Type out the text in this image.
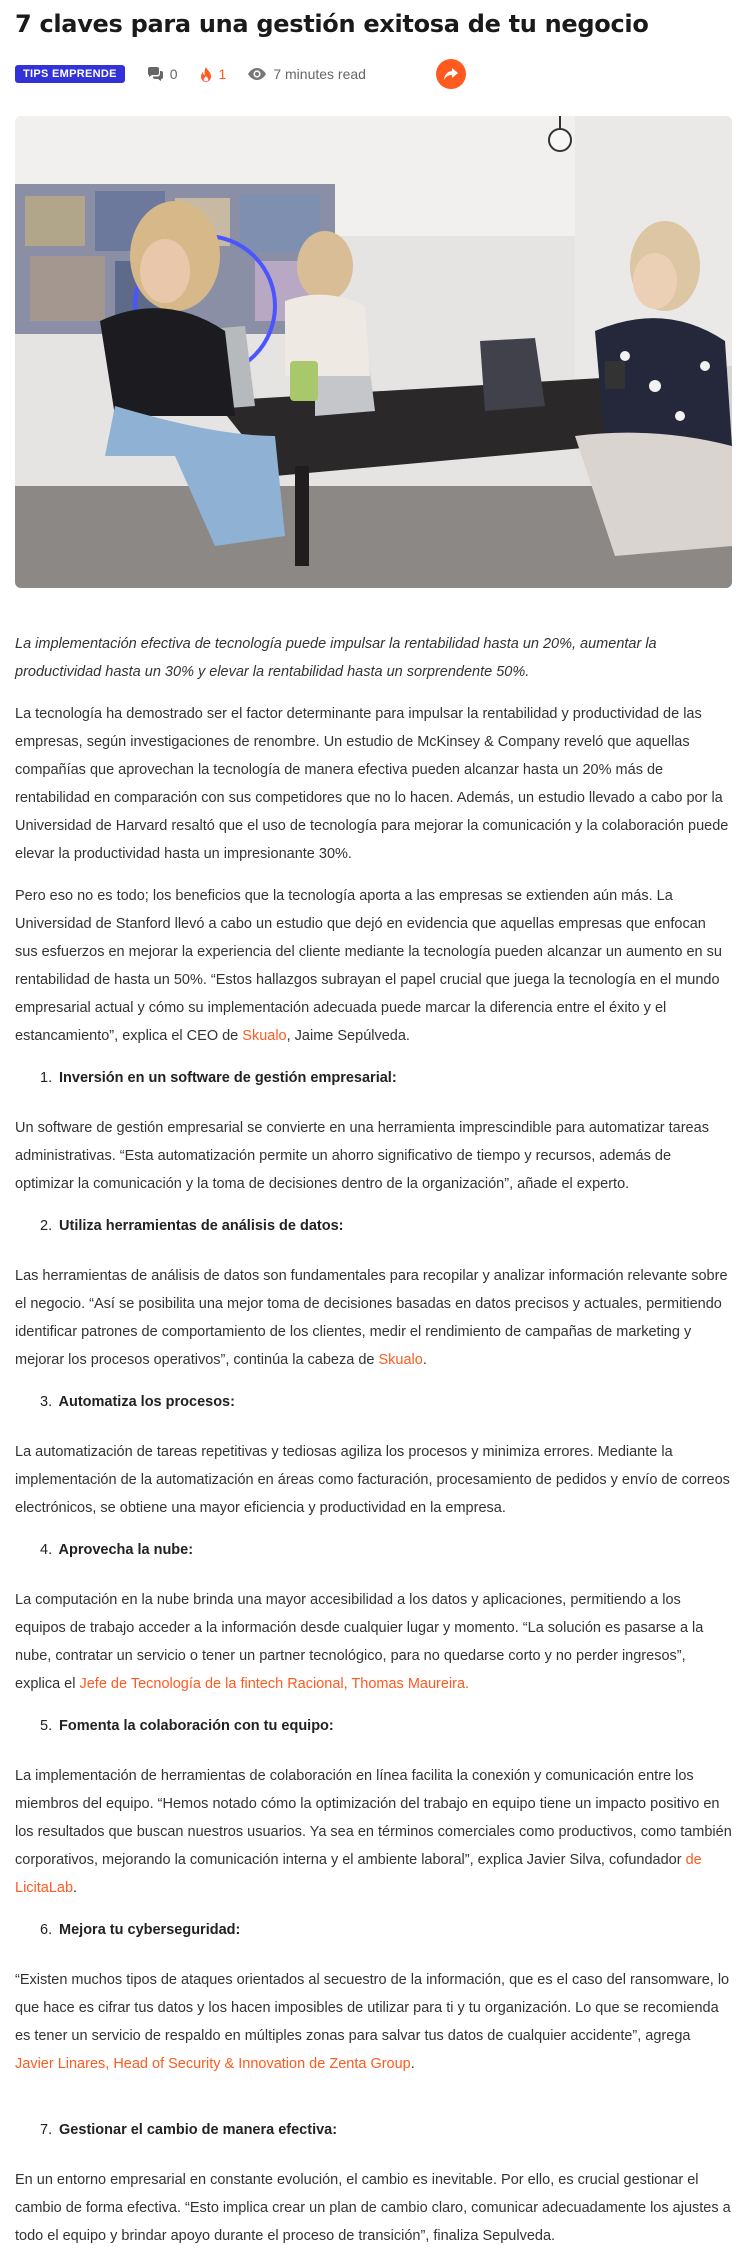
7 claves para una gestión exitosa de tu negocio
TIPS EMPRENDE	0	1	7 minutes read

La implementación efectiva de tecnología puede impulsar la rentabilidad hasta un 20%, aumentar la productividad hasta un 30% y elevar la rentabilidad hasta un sorprendente 50%.

La tecnología ha demostrado ser el factor determinante para impulsar la rentabilidad y productividad de las empresas, según investigaciones de renombre. Un estudio de McKinsey & Company reveló que aquellas compañías que aprovechan la tecnología de manera efectiva pueden alcanzar hasta un 20% más de rentabilidad en comparación con sus competidores que no lo hacen. Además, un estudio llevado a cabo por la Universidad de Harvard resaltó que el uso de tecnología para mejorar la comunicación y la colaboración puede elevar la productividad hasta un impresionante 30%.

Pero eso no es todo; los beneficios que la tecnología aporta a las empresas se extienden aún más. La Universidad de Stanford llevó a cabo un estudio que dejó en evidencia que aquellas empresas que enfocan sus esfuerzos en mejorar la experiencia del cliente mediante la tecnología pueden alcanzar un aumento en su rentabilidad de hasta un 50%. “Estos hallazgos subrayan el papel crucial que juega la tecnología en el mundo empresarial actual y cómo su implementación adecuada puede marcar la diferencia entre el éxito y el estancamiento”, explica el CEO de Skualo, Jaime Sepúlveda.

1. Inversión en un software de gestión empresarial:

Un software de gestión empresarial se convierte en una herramienta imprescindible para automatizar tareas administrativas. “Esta automatización permite un ahorro significativo de tiempo y recursos, además de optimizar la comunicación y la toma de decisiones dentro de la organización”, añade el experto.

2. Utiliza herramientas de análisis de datos:

Las herramientas de análisis de datos son fundamentales para recopilar y analizar información relevante sobre el negocio. “Así se posibilita una mejor toma de decisiones basadas en datos precisos y actuales, permitiendo identificar patrones de comportamiento de los clientes, medir el rendimiento de campañas de marketing y mejorar los procesos operativos”, continúa la cabeza de Skualo.

3. Automatiza los procesos:

La automatización de tareas repetitivas y tediosas agiliza los procesos y minimiza errores. Mediante la implementación de la automatización en áreas como facturación, procesamiento de pedidos y envío de correos electrónicos, se obtiene una mayor eficiencia y productividad en la empresa.

4. Aprovecha la nube:

La computación en la nube brinda una mayor accesibilidad a los datos y aplicaciones, permitiendo a los equipos de trabajo acceder a la información desde cualquier lugar y momento. “La solución es pasarse a la nube, contratar un servicio o tener un partner tecnológico, para no quedarse corto y no perder ingresos”, explica el Jefe de Tecnología de la fintech Racional, Thomas Maureira.

5. Fomenta la colaboración con tu equipo:

La implementación de herramientas de colaboración en línea facilita la conexión y comunicación entre los miembros del equipo. “Hemos notado cómo la optimización del trabajo en equipo tiene un impacto positivo en los resultados que buscan nuestros usuarios. Ya sea en términos comerciales como productivos, como también corporativos, mejorando la comunicación interna y el ambiente laboral”, explica Javier Silva, cofundador de LicitaLab.

6. Mejora tu cyberseguridad:

“Existen muchos tipos de ataques orientados al secuestro de la información, que es el caso del ransomware, lo que hace es cifrar tus datos y los hacen imposibles de utilizar para ti y tu organización. Lo que se recomienda es tener un servicio de respaldo en múltiples zonas para salvar tus datos de cualquier accidente”, agrega Javier Linares, Head of Security & Innovation de Zenta Group.

7. Gestionar el cambio de manera efectiva:

En un entorno empresarial en constante evolución, el cambio es inevitable. Por ello, es crucial gestionar el cambio de forma efectiva. “Esto implica crear un plan de cambio claro, comunicar adecuadamente los ajustes a todo el equipo y brindar apoyo durante el proceso de transición”, finaliza Sepulveda.
